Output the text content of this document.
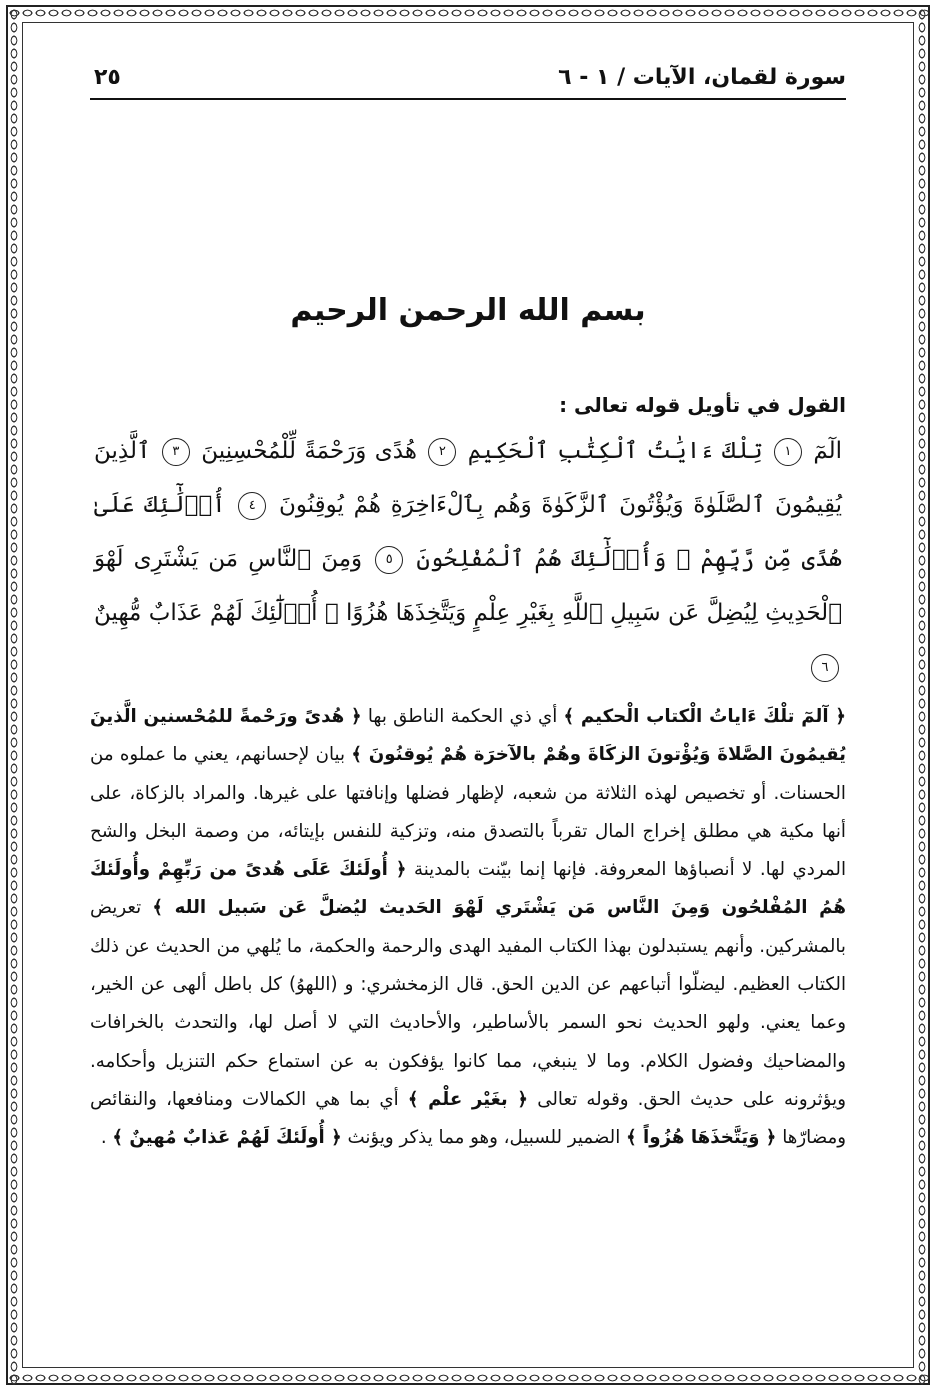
سورة لقمان، الآيات / ١ - ٦
٢٥
بسم الله الرحمن الرحيم
القول في تأويل قوله تعالى :
الٓمٓ ١ تِلْكَ ءَايَٰتُ ٱلْكِتَٰبِ ٱلْحَكِيمِ ٢ هُدًى وَرَحْمَةً لِّلْمُحْسِنِينَ ٣ ٱلَّذِينَ يُقِيمُونَ ٱلصَّلَوٰةَ وَيُؤْتُونَ ٱلزَّكَوٰةَ وَهُم بِٱلْءَاخِرَةِ هُمْ يُوقِنُونَ ٤ أُو۟لَٰٓئِكَ عَلَىٰ هُدًى مِّن رَّبِّهِمْ ۖ وَأُو۟لَٰٓئِكَ هُمُ ٱلْمُفْلِحُونَ ٥ وَمِنَ ٱلنَّاسِ مَن يَشْتَرِى لَهْوَ ٱلْحَدِيثِ لِيُضِلَّ عَن سَبِيلِ ٱللَّهِ بِغَيْرِ عِلْمٍ وَيَتَّخِذَهَا هُزُوًا ۚ أُو۟لَٰٓئِكَ لَهُمْ عَذَابٌ مُّهِينٌ ٦
﴿ آلمٓ تلْكَ ءَاياتُ الْكتاب الْحكيم ﴾ أي ذي الحكمة الناطق بها ﴿ هُدىً ورَحْمةً للمُحْسنين الَّذينَ يُقيمُونَ الصَّلاةَ وَيُؤْتونَ الزكَاةَ وهُمْ بالآخرَة هُمْ يُوقنُونَ ﴾ بيان لإحسانهم، يعني ما عملوه من الحسنات. أو تخصيص لهذه الثلاثة من شعبه، لإظهار فضلها وإنافتها على غيرها. والمراد بالزكاة، على أنها مكية هي مطلق إخراج المال تقرباً بالتصدق منه، وتزكية للنفس بإيتائه، من وصمة البخل والشح المردي لها. لا أنصباؤها المعروفة. فإنها إنما بيّنت بالمدينة ﴿ أُولَئكَ عَلَى هُدىً من رَبِّهِمْ وأُولَئكَ هُمُ المُفْلحُون وَمِنَ النَّاس مَن يَشْتَري لَهْوَ الحَديث ليُضلَّ عَن سَبيل الله ﴾ تعريض بالمشركين. وأنهم يستبدلون بهذا الكتاب المفيد الهدى والرحمة والحكمة، ما يُلهي من الحديث عن ذلك الكتاب العظيم. ليضلّوا أتباعهم عن الدين الحق. قال الزمخشري: و (اللهوُ) كل باطل ألهى عن الخير، وعما يعني. ولهو الحديث نحو السمر بالأساطير، والأحاديث التي لا أصل لها، والتحدث بالخرافات والمضاحيك وفضول الكلام. وما لا ينبغي، مما كانوا يؤفكون به عن استماع حكم التنزيل وأحكامه. ويؤثرونه على حديث الحق. وقوله تعالى ﴿ بغَيْر علْم ﴾ أي بما هي الكمالات ومنافعها، والنقائص ومضارّها ﴿ وَيَتَّخذَهَا هُزُواً ﴾ الضمير للسبيل، وهو مما يذكر ويؤنث ﴿ أُولَئكَ لَهُمْ عَذابٌ مُهينٌ ﴾ .
